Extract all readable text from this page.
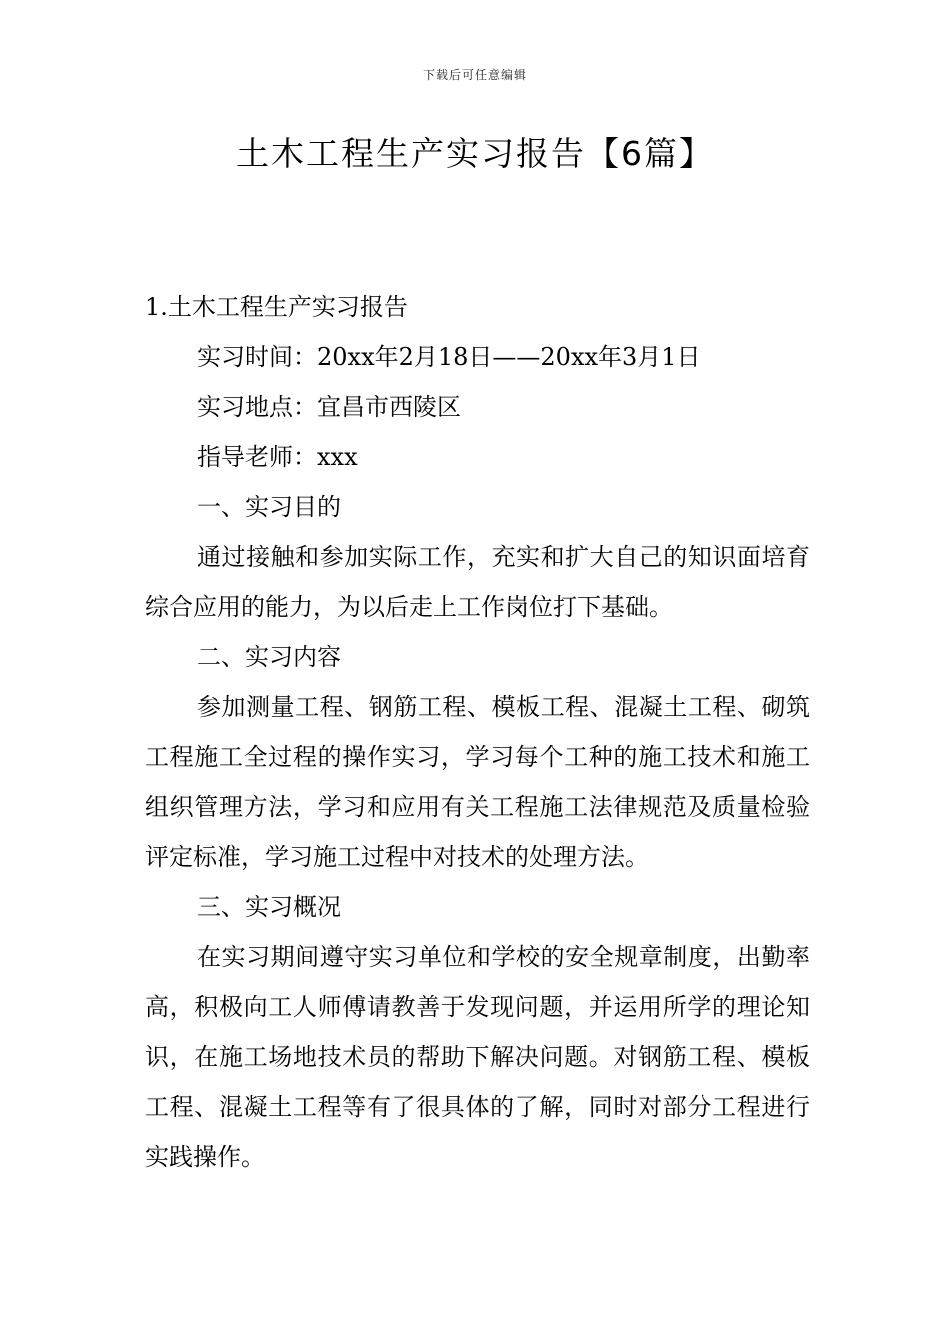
下载后可任意编辑
土木工程生产实习报告【6篇】

1.土木工程生产实习报告

实习时间：20xx年2月18日——20xx年3月1日

实习地点：宜昌市西陵区

指导老师：xxx

一、实习目的

通过接触和参加实际工作，充实和扩大自己的知识面培育综合应用的能力，为以后走上工作岗位打下基础。

二、实习内容

参加测量工程、钢筋工程、模板工程、混凝土工程、砌筑工程施工全过程的操作实习，学习每个工种的施工技术和施工组织管理方法，学习和应用有关工程施工法律规范及质量检验评定标准，学习施工过程中对技术的处理方法。

三、实习概况

在实习期间遵守实习单位和学校的安全规章制度，出勤率高，积极向工人师傅请教善于发现问题，并运用所学的理论知识，在施工场地技术员的帮助下解决问题。对钢筋工程、模板工程、混凝土工程等有了很具体的了解，同时对部分工程进行实践操作。
